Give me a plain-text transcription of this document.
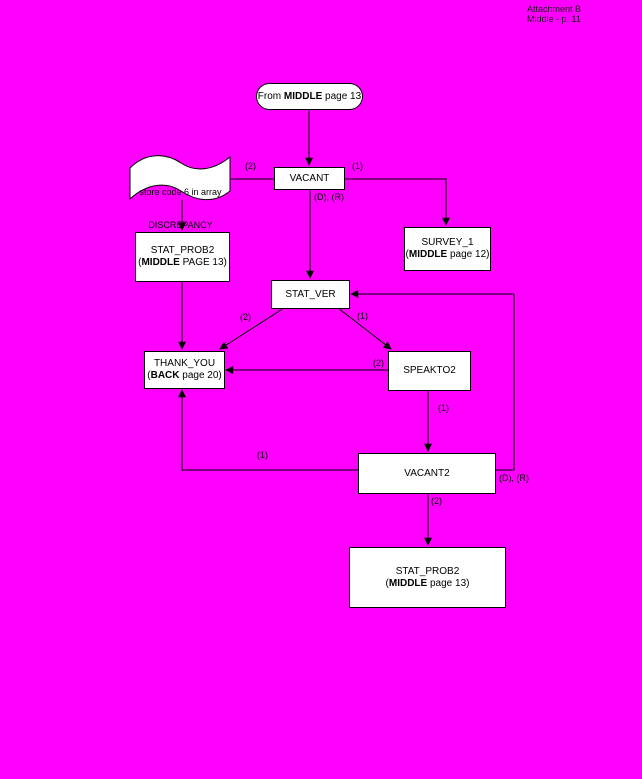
Attachment B
Middle - p. 11
From MIDDLE page 13

store code 6 in array

DISCREPANCY

VACANT
STAT_PROB2
( MIDDLE PAGE 13)
SURVEY_1
( MIDDLE page 12)
STAT_VER
THANK_YOU
( BACK page 20)	SPEAKTO2
VACANT2
STAT_PROB2
( MIDDLE page 13)
(2)	(1)
(D), (R)
(2)	(1)
(2)
(1)
(1)
(D), (R)
(2)
